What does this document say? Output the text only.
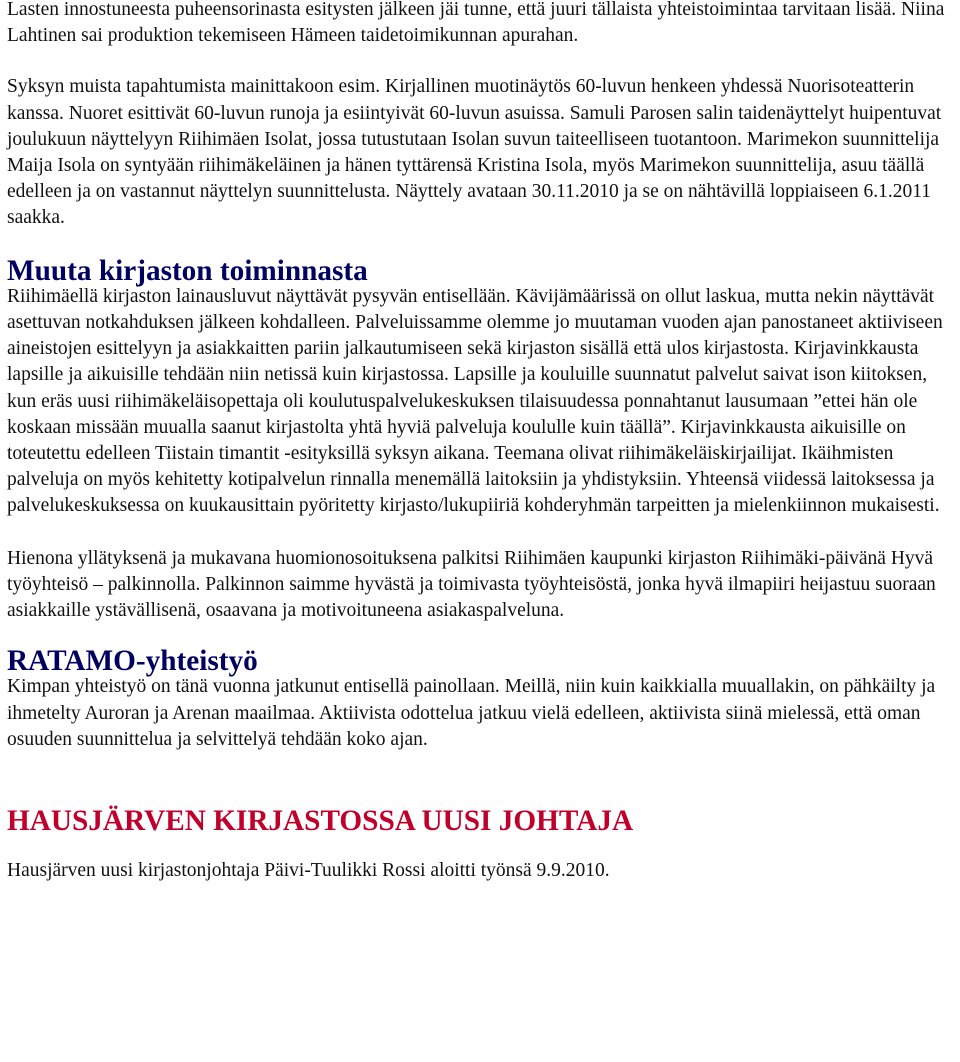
Lasten innostuneesta puheensorinasta esitysten jälkeen jäi tunne, että juuri tällaista yhteistoimintaa tarvitaan lisää. Niina Lahtinen sai produktion tekemiseen Hämeen taidetoimikunnan apurahan.

Syksyn muista tapahtumista mainittakoon esim. Kirjallinen muotinäytös 60-luvun henkeen yhdessä Nuorisoteatterin kanssa. Nuoret esittivät 60-luvun runoja ja esiintyivät 60-luvun asuissa. Samuli Parosen salin taidenäyttelyt huipentuvat joulukuun näyttelyyn Riihimäen Isolat, jossa tutustutaan Isolan suvun taiteelliseen tuotantoon. Marimekon suunnittelija Maija Isola on syntyään riihimäkeläinen ja hänen tyttärensä Kristina Isola, myös Marimekon suunnittelija, asuu täällä edelleen ja on vastannut näyttelyn suunnittelusta. Näyttely avataan 30.11.2010 ja se on nähtävillä loppiaiseen 6.1.2011 saakka.

Muuta kirjaston toiminnasta

Riihimäellä kirjaston lainausluvut näyttävät pysyvän entisellään. Kävijämäärissä on ollut laskua, mutta nekin näyttävät asettuvan notkahduksen jälkeen kohdalleen. Palveluissamme olemme jo muutaman vuoden ajan panostaneet aktiiviseen aineistojen esittelyyn ja asiakkaitten pariin jalkautumiseen sekä kirjaston sisällä että ulos kirjastosta. Kirjavinkkausta lapsille ja aikuisille tehdään niin netissä kuin kirjastossa. Lapsille ja kouluille suunnatut palvelut saivat ison kiitoksen, kun eräs uusi riihimäkeläisopettaja oli koulutuspalvelukeskuksen tilaisuudessa ponnahtanut lausumaan ”ettei hän ole koskaan missään muualla saanut kirjastolta yhtä hyviä palveluja koululle kuin täällä”. Kirjavinkkausta aikuisille on toteutettu edelleen Tiistain timantit -esityksillä syksyn aikana. Teemana olivat riihimäkeläiskirjailijat. Ikäihmisten palveluja on myös kehitetty kotipalvelun rinnalla menemällä laitoksiin ja yhdistyksiin. Yhteensä viidessä laitoksessa ja palvelukeskuksessa on kuukausittain pyöritetty kirjasto/lukupiiriä kohderyhmän tarpeitten ja mielenkiinnon mukaisesti.

Hienona yllätyksenä ja mukavana huomionosoituksena palkitsi Riihimäen kaupunki kirjaston Riihimäki-päivänä Hyvä työyhteisö – palkinnolla. Palkinnon saimme hyvästä ja toimivasta työyhteisöstä, jonka hyvä ilmapiiri heijastuu suoraan asiakkaille ystävällisenä, osaavana ja motivoituneena asiakaspalveluna.

RATAMO-yhteistyö

Kimpan yhteistyö on tänä vuonna jatkunut entisellä painollaan. Meillä, niin kuin kaikkialla muuallakin, on pähkäilty ja ihmetelty Auroran ja Arenan maailmaa. Aktiivista odottelua jatkuu vielä edelleen, aktiivista siinä mielessä, että oman osuuden suunnittelua ja selvittelyä tehdään koko ajan.

HAUSJÄRVEN KIRJASTOSSA UUSI JOHTAJA

Hausjärven uusi kirjastonjohtaja Päivi-Tuulikki Rossi aloitti työnsä 9.9.2010.
